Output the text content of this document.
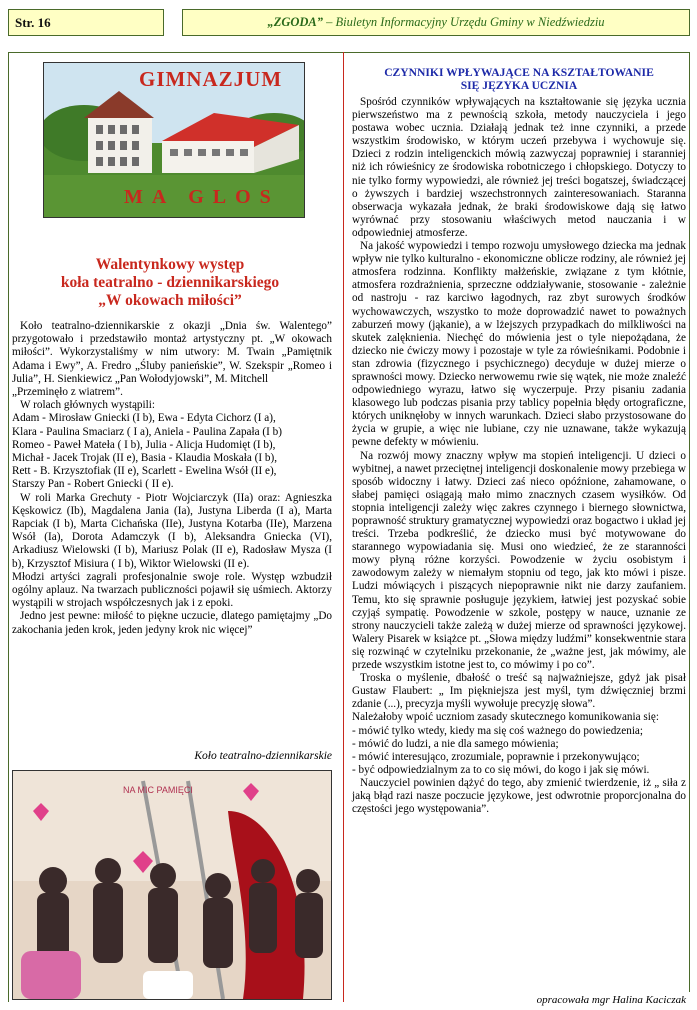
Str. 16	„ZGODA” – Biuletyn Informacyjny Urzędu Gminy w Niedźwiedziu
GIMNAZJUM
MA GLOS
Walentynkowy występ
koła teatralno - dziennikarskiego
„W okowach miłości”

Koło teatralno-dziennikarskie z okazji „Dnia św. Walentego” przygotowało i przedstawiło montaż artystyczny pt. „W okowach miłości”. Wykorzystaliśmy w nim utwory: M. Twain „Pamiętnik Adama i Ewy”, A. Fredro „Śluby panieńskie”, W. Szekspir „Romeo i Julia”, H. Sienkiewicz „Pan Wołodyjowski”, M. Mitchell

„Przeminęło z wiatrem”.

W rolach głównych wystąpili:

Adam - Mirosław Gniecki (I b), Ewa - Edyta Cichorz (I a),

Klara - Paulina Smaciarz ( I a), Aniela - Paulina Zapała (I b)

Romeo - Paweł Mateła ( I b), Julia - Alicja Hudomięt (I b),

Michał - Jacek Trojak (II e), Basia - Klaudia Moskała (I b),

Rett - B. Krzysztofiak (II e), Scarlett - Ewelina Wsół (II e),

Starszy Pan - Robert Gniecki ( II e).

W roli Marka Grechuty - Piotr Wojciarczyk (IIa) oraz: Agnieszka Kęskowicz (Ib), Magdalena Jania (Ia), Justyna Liberda (I a), Marta Rapciak (I b), Marta Cichańska (IIe), Justyna Kotarba (IIe), Marzena Wsół (Ia), Dorota Adamczyk (I b), Aleksandra Gniecka (VI), Arkadiusz Wielowski (I b), Mariusz Polak (II e), Radosław Mysza (I b), Krzysztof Misiura ( I b), Wiktor Wielowski (II e).

Młodzi artyści zagrali profesjonalnie swoje role. Występ wzbudził ogólny aplauz. Na twarzach publiczności pojawił się uśmiech. Aktorzy wystąpili w strojach współczesnych jak i z epoki.

Jedno jest pewne: miłość to piękne uczucie, dlatego pamiętajmy „Do zakochania jeden krok, jeden jedyny krok nic więcej”

Koło teatralno-dziennikarskie
NA MIC PAMIĘCI
CZYNNIKI WPŁYWAJĄCE NA KSZTAŁTOWANIE
SIĘ JĘZYKA UCZNIA

Spośród czynników wpływających na kształtowanie się języka ucznia pierwszeństwo ma z pewnością szkoła, metody nauczyciela i jego postawa wobec ucznia. Działają jednak też inne czynniki, a przede wszystkim środowisko, w którym uczeń przebywa i wychowuje się. Dzieci z rodzin inteligenckich mówią zazwyczaj poprawniej i staranniej niż ich rówieśnicy ze środowiska robotniczego i chłopskiego. Dotyczy to nie tylko formy wypowiedzi, ale również jej treści bogatszej, świadczącej o żywszych i bardziej wszechstronnych zainteresowaniach. Staranna obserwacja wykazała jednak, że braki środowiskowe dają się łatwo wyrównać przy stosowaniu właściwych metod nauczania i w odpowiedniej atmosferze.

Na jakość wypowiedzi i tempo rozwoju umysłowego dziecka ma jednak wpływ nie tylko kulturalno - ekonomiczne oblicze rodziny, ale również jej atmosfera rodzinna. Konflikty małżeńskie, związane z tym kłótnie, atmosfera rozdrażnienia, sprzeczne oddziaływanie, stosowanie - zależnie od nastroju - raz karciwo łagodnych, raz zbyt surowych środków wychowawczych, wszystko to może doprowadzić nawet to poważnych zaburzeń mowy (jąkanie), a w lżejszych przypadkach do milkliwości na skutek zalęknienia. Niechęć do mówienia jest o tyle niepożądana, że dziecko nie ćwiczy mowy i pozostaje w tyle za rówieśnikami. Podobnie i stan zdrowia (fizycznego i psychicznego) decyduje w dużej mierze o sprawności mowy. Dziecko nerwowemu rwie się wątek, nie może znaleźć odpowiedniego wyrazu, łatwo się wyczerpuje. Przy pisaniu zadania klasowego lub podczas pisania przy tablicy popełnia błędy ortograficzne, których uniknęłoby w innych warunkach. Dzieci słabo przystosowane do życia w grupie, a więc nie lubiane, czy nie uznawane, także wykazują pewne defekty w mówieniu.

Na rozwój mowy znaczny wpływ ma stopień inteligencji. U dzieci o wybitnej, a nawet przeciętnej inteligencji doskonalenie mowy przebiega w sposób widoczny i łatwy. Dzieci zaś nieco opóźnione, zahamowane, o słabej pamięci osiągają mało mimo znacznych czasem wysiłków. Od stopnia inteligencji zależy więc zakres czynnego i biernego słownictwa, poprawność struktury gramatycznej wypowiedzi oraz bogactwo i układ jej treści. Trzeba podkreślić, że dziecko musi być motywowane do starannego wypowiadania się. Musi ono wiedzieć, że ze staranności mowy płyną różne korzyści. Powodzenie w życiu osobistym i zawodowym zależy w niemałym stopniu od tego, jak kto mówi i pisze. Ludzi mówiących i piszących niepoprawnie nikt nie darzy zaufaniem. Temu, kto się sprawnie posługuje językiem, łatwiej jest pozyskać sobie czyjąś sympatię. Powodzenie w szkole, postępy w nauce, uznanie ze strony nauczycieli także zależą w dużej mierze od sprawności językowej. Walery Pisarek w książce pt. „Słowa między ludźmi” konsekwentnie stara się rozwinąć w czytelniku przekonanie, że „ważne jest, jak mówimy, ale przede wszystkim istotne jest to, co mówimy i po co”.

Troska o myślenie, dbałość o treść są najważniejsze, gdyż jak pisał Gustaw Flaubert: „ Im piękniejsza jest myśl, tym dźwięczniej brzmi zdanie (...), precyzja myśli wywołuje precyzję słowa”.

Należałoby wpoić uczniom zasady skutecznego komunikowania się:

- mówić tylko wtedy, kiedy ma się coś ważnego do powiedzenia;

- mówić do ludzi, a nie dla samego mówienia;

- mówić interesująco, zrozumiale, poprawnie i przekonywująco;

- być odpowiedzialnym za to co się mówi, do kogo i jak się mówi.

Nauczyciel powinien dążyć do tego, aby zmienić twierdzenie, iż „ siła z jaką błąd razi nasze poczucie językowe, jest odwrotnie proporcjonalna do częstości jego występowania”.

opracowała mgr Halina Kaciczak
